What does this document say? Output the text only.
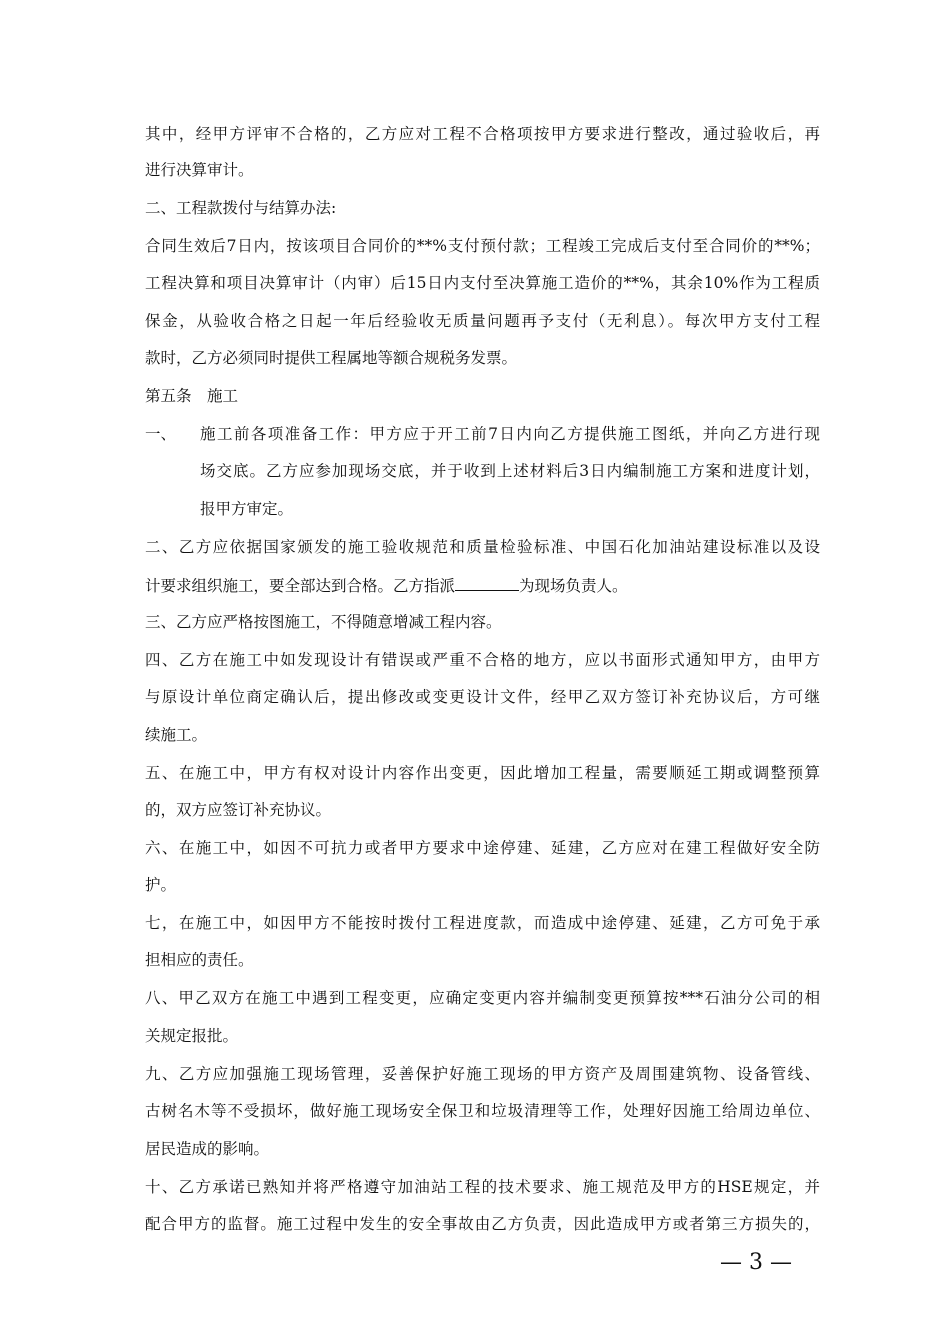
其中，经甲方评审不合格的，乙方应对工程不合格项按甲方要求进行整改，通过验收后，再
进行决算审计。
二、工程款拨付与结算办法:
合同生效后7日内，按该项目合同价的**%支付预付款；工程竣工完成后支付至合同价的**%；
工程决算和项目决算审计（内审）后15日内支付至决算施工造价的**%，其余10%作为工程质
保金，从验收合格之日起一年后经验收无质量问题再予支付（无利息）。每次甲方支付工程
款时，乙方必须同时提供工程属地等额合规税务发票。
第五条　施工
一、 施工前各项准备工作：甲方应于开工前7日内向乙方提供施工图纸，并向乙方进行现
场交底。乙方应参加现场交底，并于收到上述材料后3日内编制施工方案和进度计划，
报甲方审定。
二、乙方应依据国家颁发的施工验收规范和质量检验标准、中国石化加油站建设标准以及设
计要求组织施工，要全部达到合格。乙方指派	为现场负责人。
三、乙方应严格按图施工，不得随意增减工程内容。
四、乙方在施工中如发现设计有错误或严重不合格的地方，应以书面形式通知甲方，由甲方
与原设计单位商定确认后，提出修改或变更设计文件，经甲乙双方签订补充协议后，方可继
续施工。
五、在施工中，甲方有权对设计内容作出变更，因此增加工程量，需要顺延工期或调整预算
的，双方应签订补充协议。
六、在施工中，如因不可抗力或者甲方要求中途停建、延建，乙方应对在建工程做好安全防
护。
七，在施工中，如因甲方不能按时拨付工程进度款，而造成中途停建、延建，乙方可免于承
担相应的责任。
八、甲乙双方在施工中遇到工程变更，应确定变更内容并编制变更预算按***石油分公司的相
关规定报批。
九、乙方应加强施工现场管理，妥善保护好施工现场的甲方资产及周围建筑物、设备管线、
古树名木等不受损坏，做好施工现场安全保卫和垃圾清理等工作，处理好因施工给周边单位、
居民造成的影响。
十、乙方承诺已熟知并将严格遵守加油站工程的技术要求、施工规范及甲方的HSE规定，并
配合甲方的监督。施工过程中发生的安全事故由乙方负责，因此造成甲方或者第三方损失的，
— 3 —
